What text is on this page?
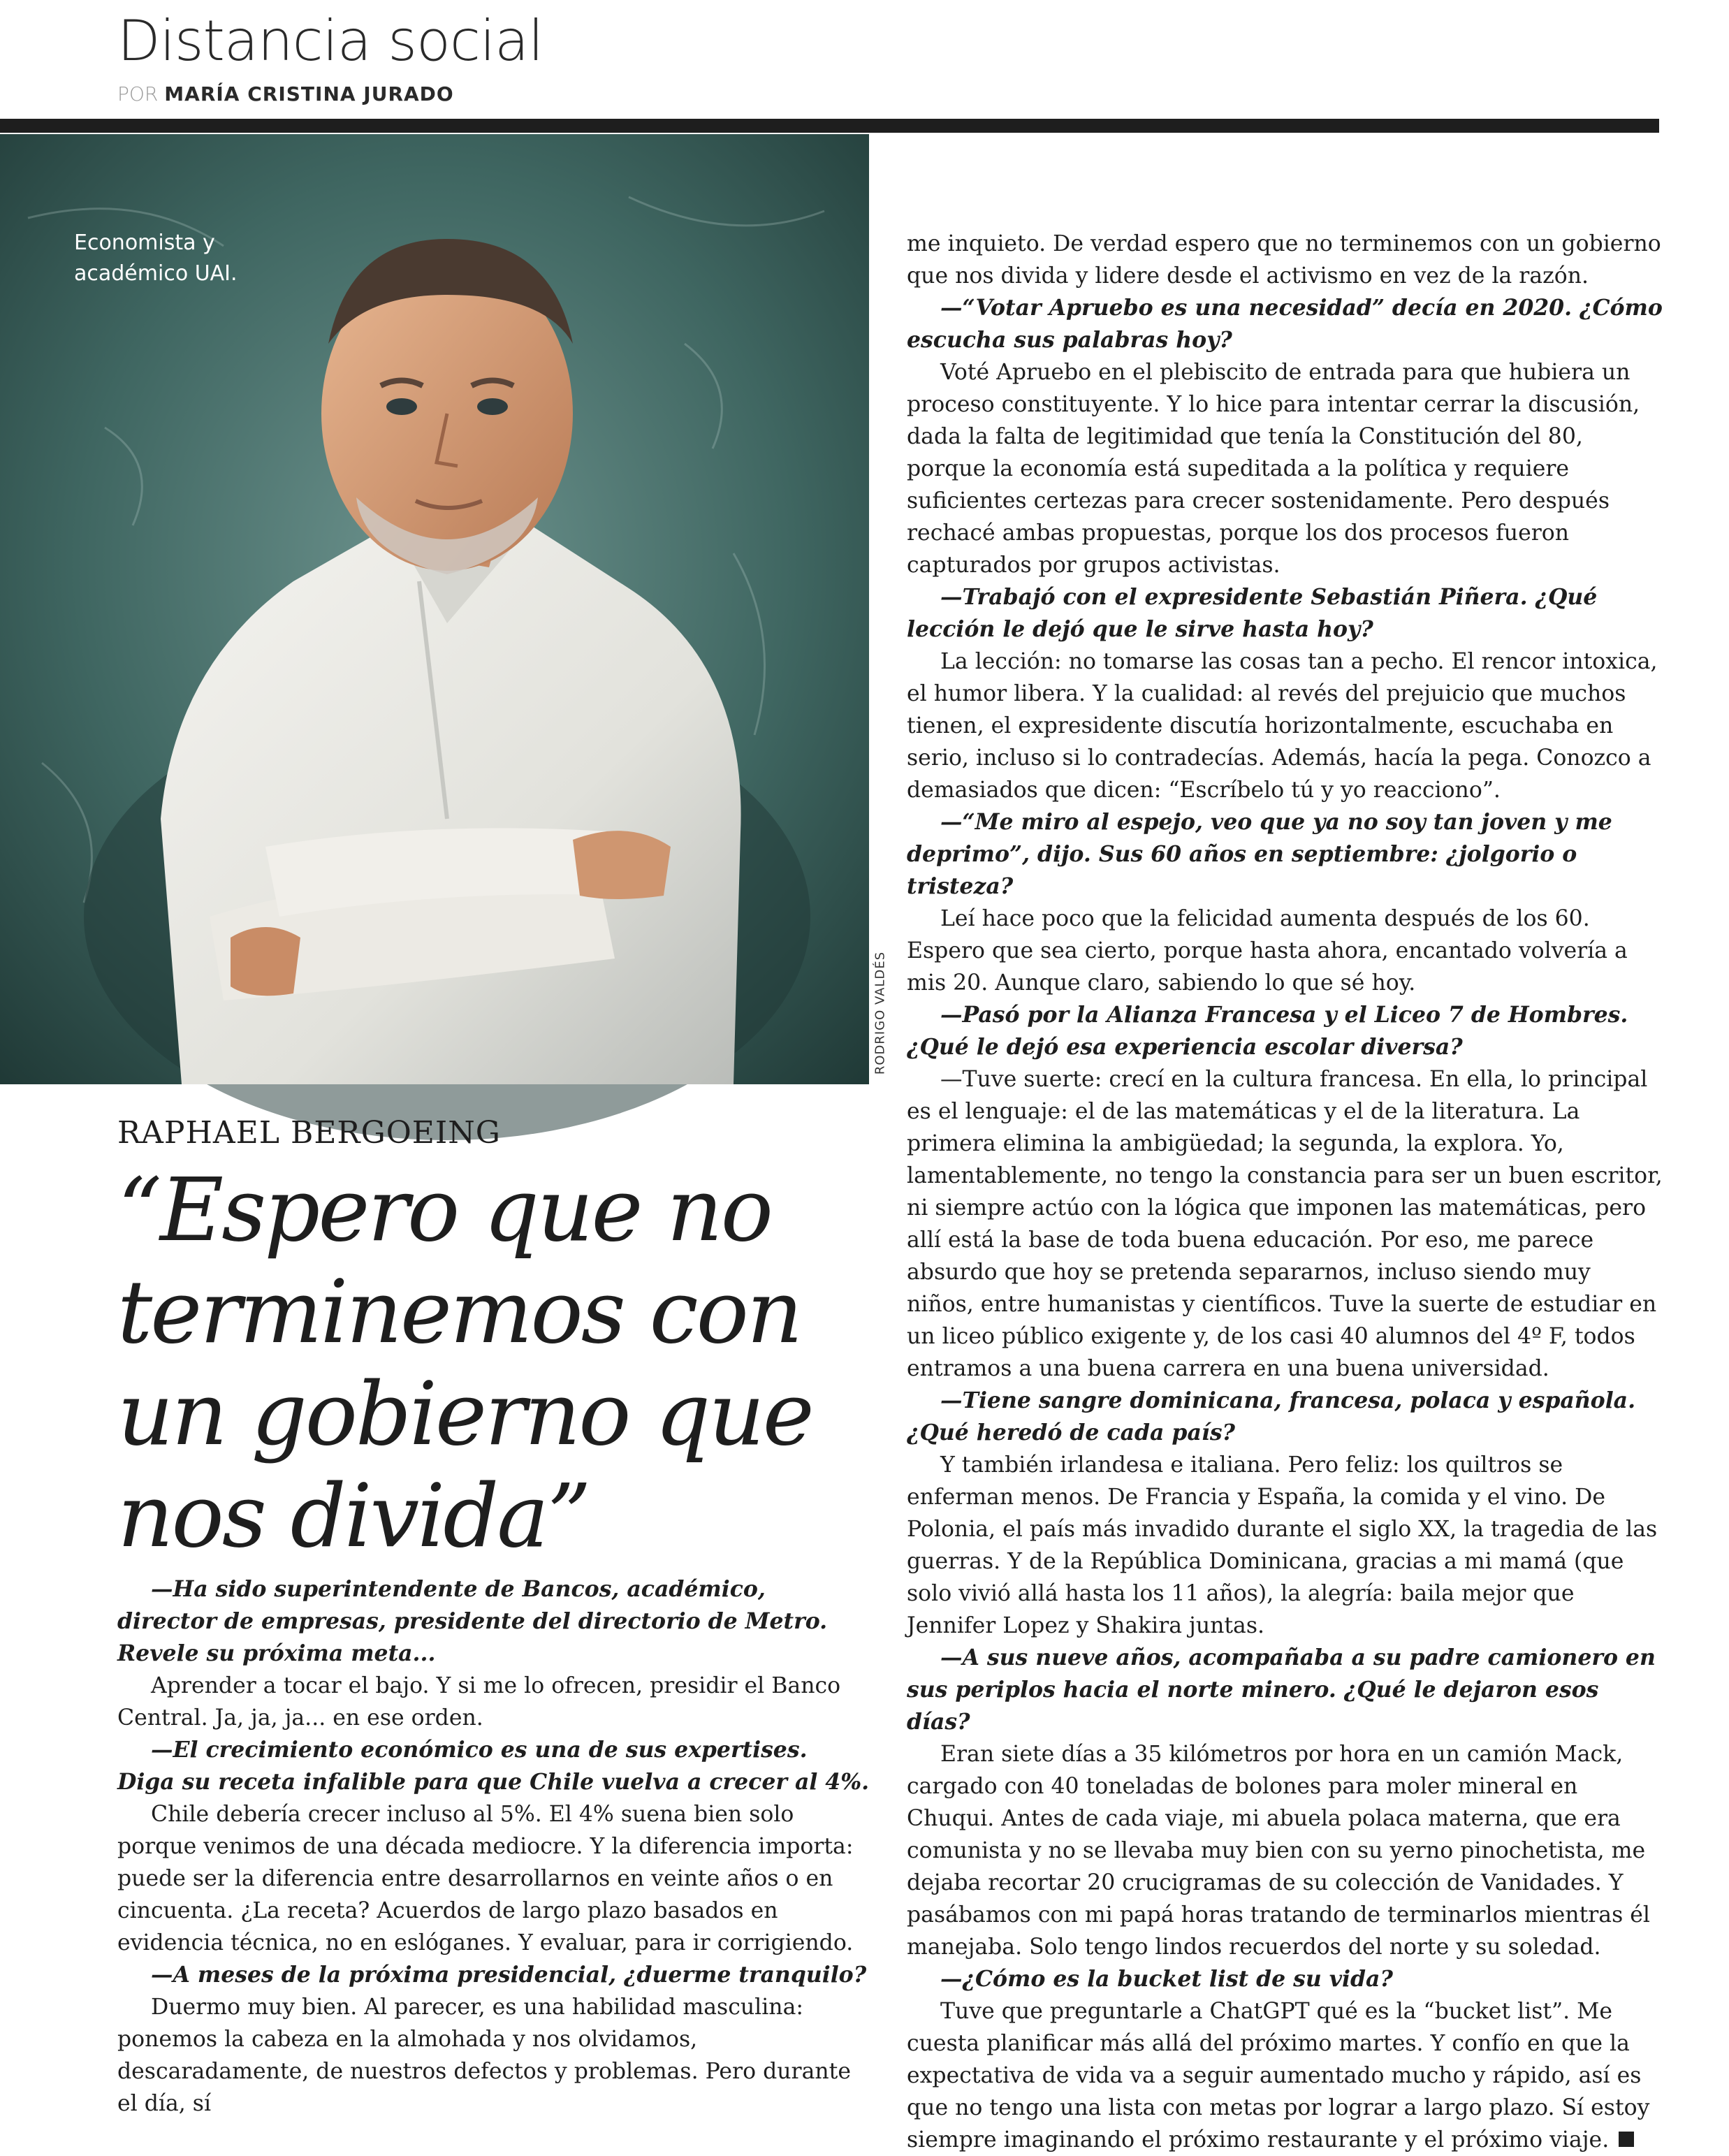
Distancia social
POR MARÍA CRISTINA JURADO
Economista y
académico UAI.
RODRIGO VALDÉS
RAPHAEL BERGOEING
“Espero que no terminemos con un gobierno que nos divida”
—Ha sido superintendente de Bancos, académico, director de empresas, presidente del directorio de Metro. Revele su próxima meta...
Aprender a tocar el bajo. Y si me lo ofrecen, presidir el Banco Central. Ja, ja, ja... en ese orden.
—El crecimiento económico es una de sus expertises. Diga su receta infalible para que Chile vuelva a crecer al 4%.
Chile debería crecer incluso al 5%. El 4% suena bien solo porque venimos de una década mediocre. Y la diferencia importa: puede ser la diferencia entre desarrollarnos en veinte años o en cincuenta. ¿La receta? Acuerdos de largo plazo basados en evidencia técnica, no en eslóganes. Y evaluar, para ir corrigiendo.
—A meses de la próxima presidencial, ¿duerme tranquilo?
Duermo muy bien. Al parecer, es una habilidad masculina: ponemos la cabeza en la almohada y nos olvidamos, descaradamente, de nuestros defectos y problemas. Pero durante el día, sí
me inquieto. De verdad espero que no terminemos con un gobierno que nos divida y lidere desde el activismo en vez de la razón.
—“Votar Apruebo es una necesidad” decía en 2020. ¿Cómo escucha sus palabras hoy?
Voté Apruebo en el plebiscito de entrada para que hubiera un proceso constituyente. Y lo hice para intentar cerrar la discusión, dada la falta de legitimidad que tenía la Constitución del 80, porque la economía está supeditada a la política y requiere suficientes certezas para crecer sostenidamente. Pero después rechacé ambas propuestas, porque los dos procesos fueron capturados por grupos activistas.
—Trabajó con el expresidente Sebastián Piñera. ¿Qué lección le dejó que le sirve hasta hoy?
La lección: no tomarse las cosas tan a pecho. El rencor intoxica, el humor libera. Y la cualidad: al revés del prejuicio que muchos tienen, el expresidente discutía horizontalmente, escuchaba en serio, incluso si lo contradecías. Además, hacía la pega. Conozco a demasiados que dicen: “Escríbelo tú y yo reacciono”.
—“Me miro al espejo, veo que ya no soy tan joven y me deprimo”, dijo. Sus 60 años en septiembre: ¿jolgorio o tristeza?
Leí hace poco que la felicidad aumenta después de los 60. Espero que sea cierto, porque hasta ahora, encantado volvería a mis 20. Aunque claro, sabiendo lo que sé hoy.
—Pasó por la Alianza Francesa y el Liceo 7 de Hombres. ¿Qué le dejó esa experiencia escolar diversa?
—Tuve suerte: crecí en la cultura francesa. En ella, lo principal es el lenguaje: el de las matemáticas y el de la literatura. La primera elimina la ambigüedad; la segunda, la explora. Yo, lamentablemente, no tengo la constancia para ser un buen escritor, ni siempre actúo con la lógica que imponen las matemáticas, pero allí está la base de toda buena educación. Por eso, me parece absurdo que hoy se pretenda separarnos, incluso siendo muy niños, entre humanistas y científicos. Tuve la suerte de estudiar en un liceo público exigente y, de los casi 40 alumnos del 4º F, todos entramos a una buena carrera en una buena universidad.
—Tiene sangre dominicana, francesa, polaca y española. ¿Qué heredó de cada país?
Y también irlandesa e italiana. Pero feliz: los quiltros se enferman menos. De Francia y España, la comida y el vino. De Polonia, el país más invadido durante el siglo XX, la tragedia de las guerras. Y de la República Dominicana, gracias a mi mamá (que solo vivió allá hasta los 11 años), la alegría: baila mejor que Jennifer Lopez y Shakira juntas.
—A sus nueve años, acompañaba a su padre camionero en sus periplos hacia el norte minero. ¿Qué le dejaron esos días?
Eran siete días a 35 kilómetros por hora en un camión Mack, cargado con 40 toneladas de bolones para moler mineral en Chuqui. Antes de cada viaje, mi abuela polaca materna, que era comunista y no se llevaba muy bien con su yerno pinochetista, me dejaba recortar 20 crucigramas de su colección de Vanidades. Y pasábamos con mi papá horas tratando de terminarlos mientras él manejaba. Solo tengo lindos recuerdos del norte y su soledad.
—¿Cómo es la bucket list de su vida?
Tuve que preguntarle a ChatGPT qué es la “bucket list”. Me cuesta planificar más allá del próximo martes. Y confío en que la expectativa de vida va a seguir aumentado mucho y rápido, así es que no tengo una lista con metas por lograr a largo plazo. Sí estoy siempre imaginando el próximo restaurante y el próximo viaje.
